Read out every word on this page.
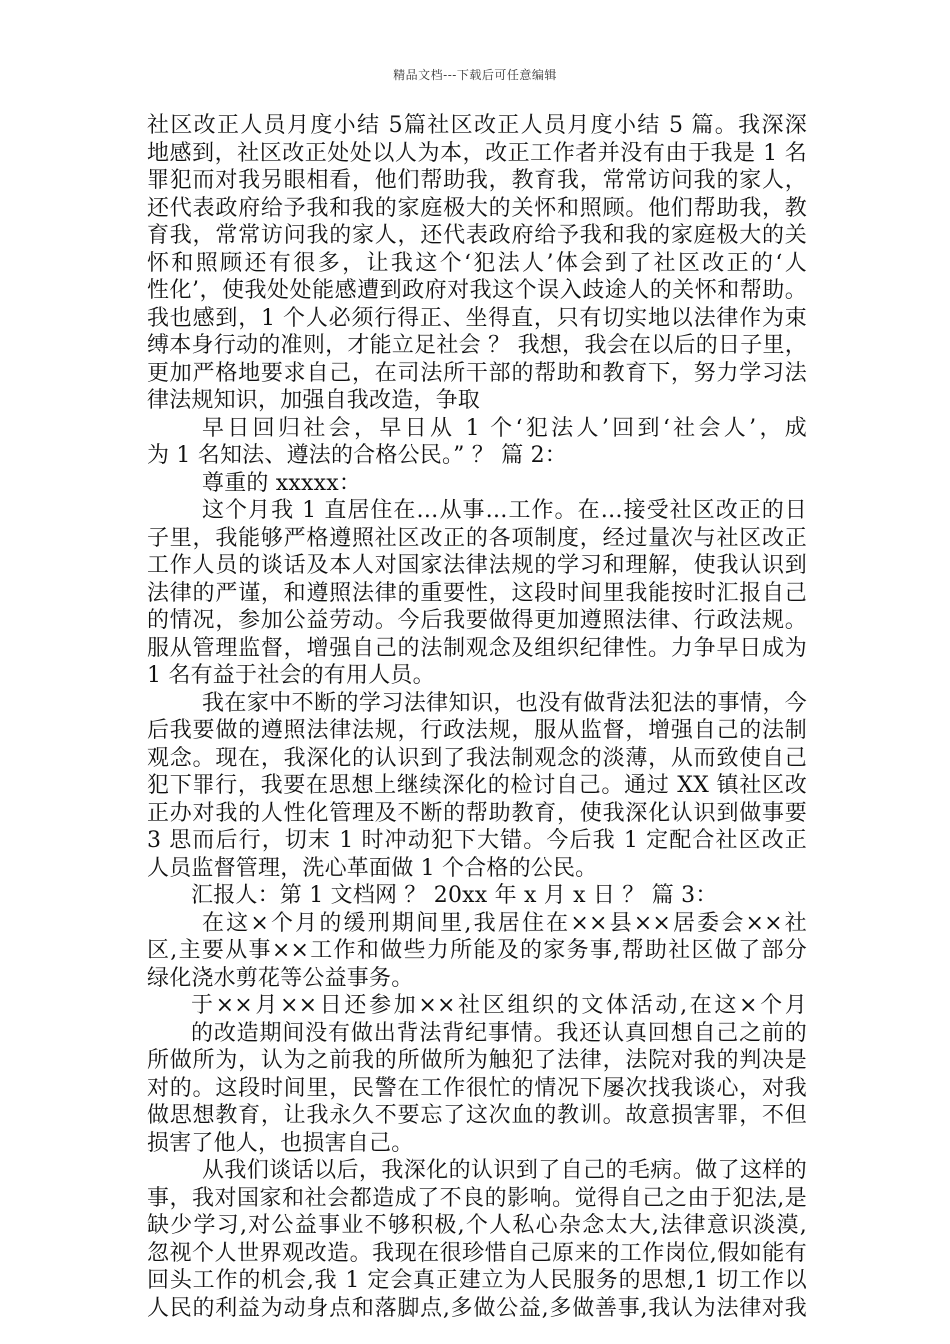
精品文档---下载后可任意编辑
社区改正人员月度小结 5篇社区改正人员月度小结 5 篇。我深深
地感到，社区改正处处以人为本，改正工作者并没有由于我是 1 名
罪犯而对我另眼相看，他们帮助我，教育我，常常访问我的家人，
还代表政府给予我和我的家庭极大的关怀和照顾。他们帮助我，教
育我，常常访问我的家人，还代表政府给予我和我的家庭极大的关
怀和照顾还有很多，让我这个‘犯法人’体会到了社区改正的‘人
性化’，使我处处能感遭到政府对我这个误入歧途人的关怀和帮助。
我也感到，1 个人必须行得正、坐得直，只有切实地以法律作为束
缚本身行动的准则，才能立足社会 ？ 我想，我会在以后的日子里，
更加严格地要求自己，在司法所干部的帮助和教育下，努力学习法
律法规知识，加强自我改造，争取
早日回归社会，早日从 1 个‘犯法人’回到‘社会人’，成
为 1 名知法、遵法的合格公民。” ？ 篇 2：
尊重的 xxxxx：
这个月我 1 直居住在…从事…工作。在…接受社区改正的日
子里，我能够严格遵照社区改正的各项制度，经过量次与社区改正
工作人员的谈话及本人对国家法律法规的学习和理解，使我认识到
法律的严谨，和遵照法律的重要性，这段时间里我能按时汇报自己
的情况，参加公益劳动。今后我要做得更加遵照法律、行政法规。
服从管理监督，增强自己的法制观念及组织纪律性。力争早日成为
1 名有益于社会的有用人员。
我在家中不断的学习法律知识，也没有做背法犯法的事情，今
后我要做的遵照法律法规，行政法规，服从监督，增强自己的法制
观念。现在，我深化的认识到了我法制观念的淡薄，从而致使自己
犯下罪行，我要在思想上继续深化的检讨自己。通过 XX 镇社区改
正办对我的人性化管理及不断的帮助教育，使我深化认识到做事要
3 思而后行，切末 1 时冲动犯下大错。今后我 1 定配合社区改正
人员监督管理，洗心革面做 1 个合格的公民。
汇报人：第 1 文档网 ？ 20xx 年 x 月 x 日 ？ 篇 3：
在这×个月的缓刑期间里,我居住在××县××居委会××社
区,主要从事××工作和做些力所能及的家务事,帮助社区做了部分
绿化浇水剪花等公益事务。
于××月××日还参加××社区组织的文体活动,在这×个月
的改造期间没有做出背法背纪事情。我还认真回想自己之前的
所做所为，认为之前我的所做所为触犯了法律，法院对我的判决是
对的。这段时间里，民警在工作很忙的情况下屡次找我谈心，对我
做思想教育，让我永久不要忘了这次血的教训。故意损害罪，不但
损害了他人，也损害自己。
从我们谈话以后，我深化的认识到了自己的毛病。做了这样的
事，我对国家和社会都造成了不良的影响。觉得自己之由于犯法,是
缺少学习,对公益事业不够积极,个人私心杂念太大,法律意识淡漠,
忽视个人世界观改造。我现在很珍惜自己原来的工作岗位,假如能有
回头工作的机会,我 1 定会真正建立为人民服务的思想,1 切工作以
人民的利益为动身点和落脚点,多做公益,多做善事,我认为法律对我
